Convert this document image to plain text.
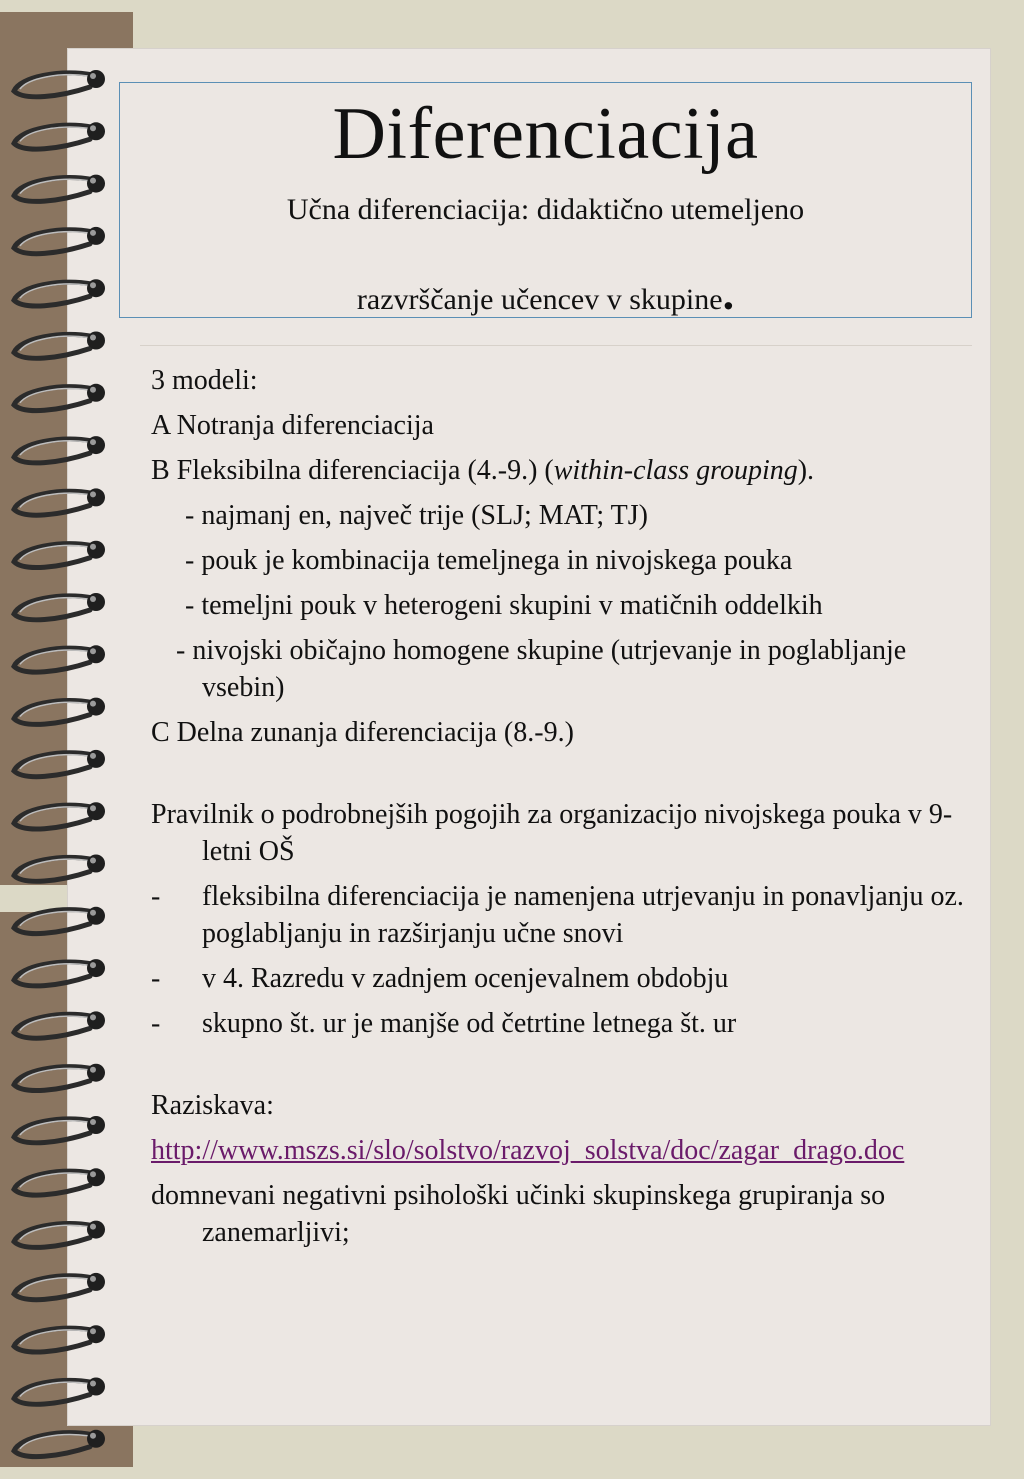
Diferenciacija
Učna diferenciacija: didaktično utemeljeno
razvrščanje učencev v skupine.

3 modeli:

A Notranja diferenciacija

B Fleksibilna diferenciacija (4.-9.) (within-class grouping).

- najmanj en, največ trije (SLJ; MAT; TJ)

- pouk je kombinacija temeljnega in nivojskega pouka

- temeljni pouk v heterogeni skupini v matičnih oddelkih

- nivojski običajno homogene skupine (utrjevanje in poglabljanje vsebin)

C Delna zunanja diferenciacija (8.-9.)

Pravilnik o podrobnejših pogojih za organizacijo nivojskega pouka v 9-letni OŠ

- fleksibilna diferenciacija je namenjena utrjevanju in ponavljanju oz. poglabljanju in razširjanju učne snovi

- v 4. Razredu v zadnjem ocenjevalnem obdobju

- skupno št. ur je manjše od četrtine letnega št. ur

Raziskava:

http://www.mszs.si/slo/solstvo/razvoj_solstva/doc/zagar_drago.doc

domnevani negativni psihološki učinki skupinskega grupiranja so zanemarljivi;
